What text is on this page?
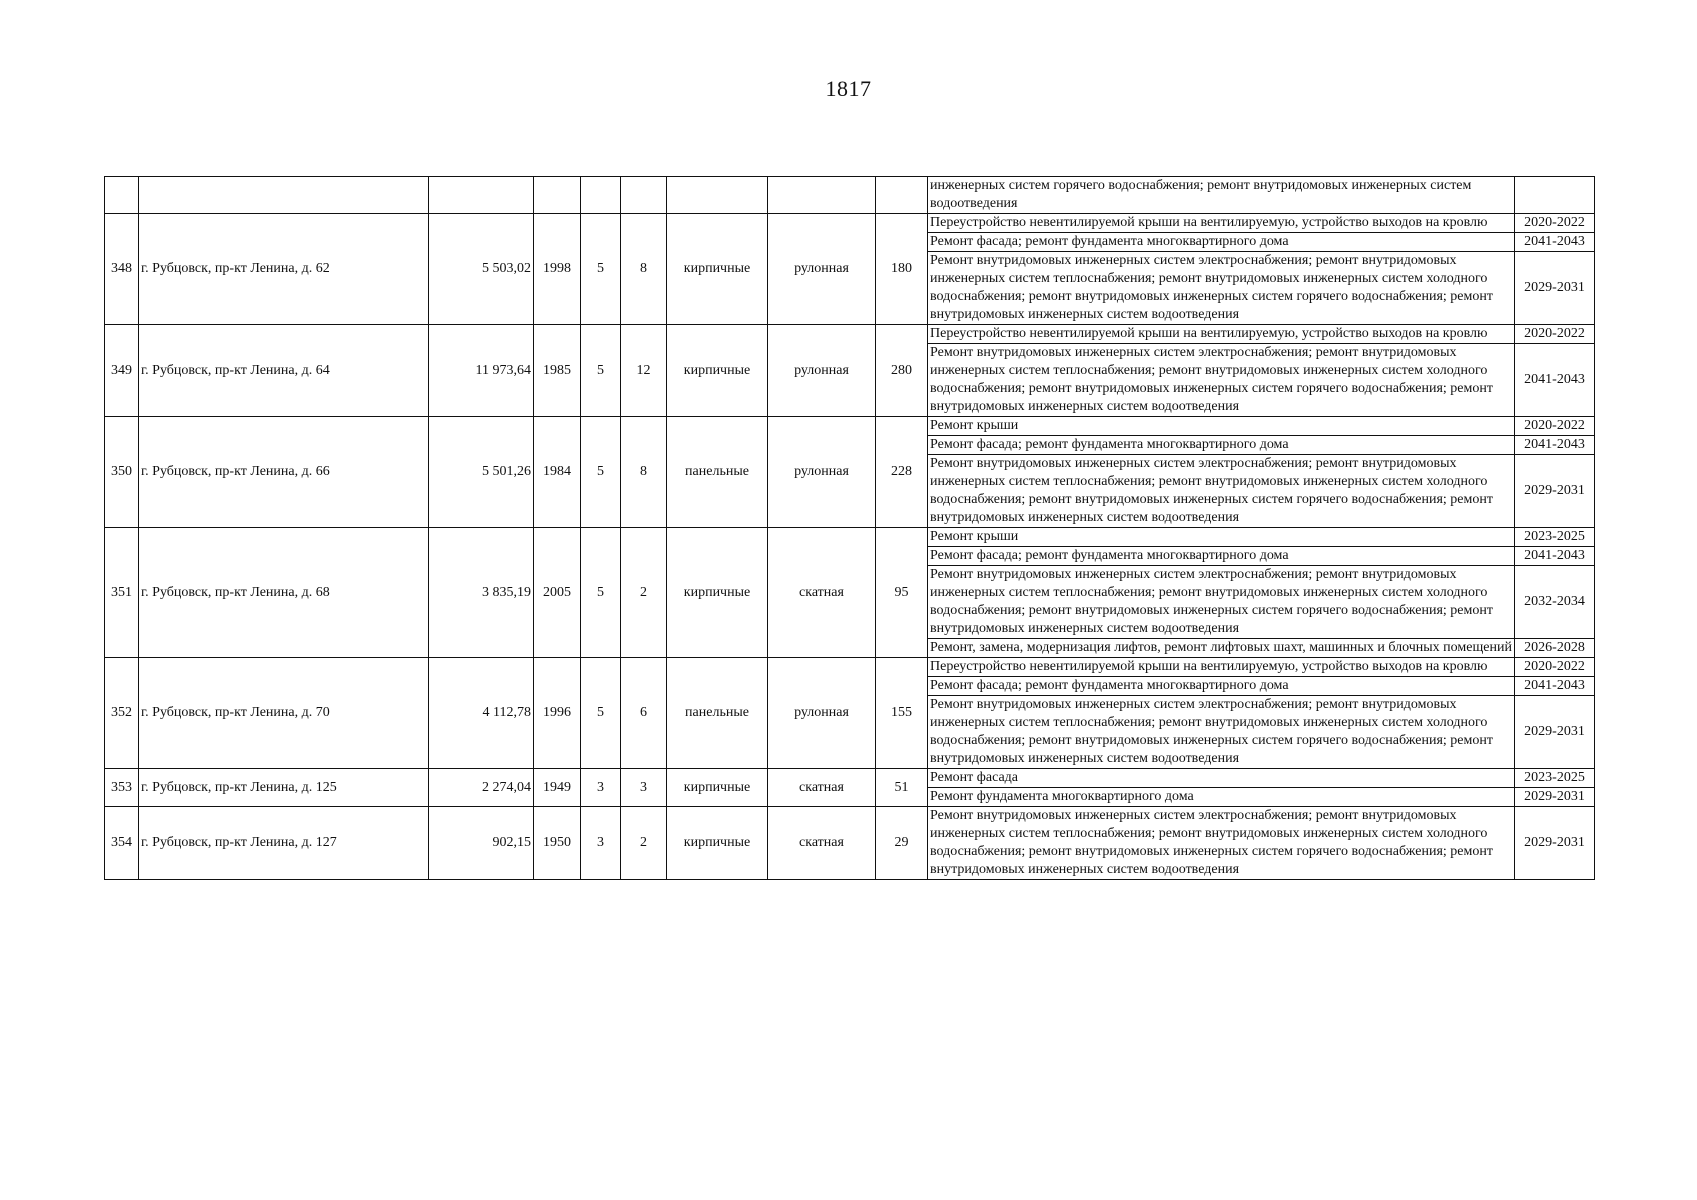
1817
									инженерных систем горячего водоснабжения; ремонт внутридомовых инженерных систем водоотведения	
348	г. Рубцовск, пр-кт Ленина, д. 62	5 503,02	1998	5	8	кирпичные	рулонная	180	Переустройство невентилируемой крыши на вентилируемую, устройство выходов на кровлю	2020-2022
									Ремонт фасада; ремонт фундамента многоквартирного дома	2041-2043
									Ремонт внутридомовых инженерных систем электроснабжения; ремонт внутридомовых инженерных систем теплоснабжения; ремонт внутридомовых инженерных систем холодного водоснабжения; ремонт внутридомовых инженерных систем горячего водоснабжения; ремонт внутридомовых инженерных систем водоотведения	2029-2031
349	г. Рубцовск, пр-кт Ленина, д. 64	11 973,64	1985	5	12	кирпичные	рулонная	280	Переустройство невентилируемой крыши на вентилируемую, устройство выходов на кровлю	2020-2022
									Ремонт внутридомовых инженерных систем электроснабжения; ремонт внутридомовых инженерных систем теплоснабжения; ремонт внутридомовых инженерных систем холодного водоснабжения; ремонт внутридомовых инженерных систем горячего водоснабжения; ремонт внутридомовых инженерных систем водоотведения	2041-2043
350	г. Рубцовск, пр-кт Ленина, д. 66	5 501,26	1984	5	8	панельные	рулонная	228	Ремонт крыши	2020-2022
									Ремонт фасада; ремонт фундамента многоквартирного дома	2041-2043
									Ремонт внутридомовых инженерных систем электроснабжения; ремонт внутридомовых инженерных систем теплоснабжения; ремонт внутридомовых инженерных систем холодного водоснабжения; ремонт внутридомовых инженерных систем горячего водоснабжения; ремонт внутридомовых инженерных систем водоотведения	2029-2031
351	г. Рубцовск, пр-кт Ленина, д. 68	3 835,19	2005	5	2	кирпичные	скатная	95	Ремонт крыши	2023-2025
									Ремонт фасада; ремонт фундамента многоквартирного дома	2041-2043
									Ремонт внутридомовых инженерных систем электроснабжения; ремонт внутридомовых инженерных систем теплоснабжения; ремонт внутридомовых инженерных систем холодного водоснабжения; ремонт внутридомовых инженерных систем горячего водоснабжения; ремонт внутридомовых инженерных систем водоотведения	2032-2034
									Ремонт, замена, модернизация лифтов, ремонт лифтовых шахт, машинных и блочных помещений	2026-2028
352	г. Рубцовск, пр-кт Ленина, д. 70	4 112,78	1996	5	6	панельные	рулонная	155	Переустройство невентилируемой крыши на вентилируемую, устройство выходов на кровлю	2020-2022
									Ремонт фасада; ремонт фундамента многоквартирного дома	2041-2043
									Ремонт внутридомовых инженерных систем электроснабжения; ремонт внутридомовых инженерных систем теплоснабжения; ремонт внутридомовых инженерных систем холодного водоснабжения; ремонт внутридомовых инженерных систем горячего водоснабжения; ремонт внутридомовых инженерных систем водоотведения	2029-2031
353	г. Рубцовск, пр-кт Ленина, д. 125	2 274,04	1949	3	3	кирпичные	скатная	51	Ремонт фасада	2023-2025
									Ремонт фундамента многоквартирного дома	2029-2031
354	г. Рубцовск, пр-кт Ленина, д. 127	902,15	1950	3	2	кирпичные	скатная	29	Ремонт внутридомовых инженерных систем электроснабжения; ремонт внутридомовых инженерных систем теплоснабжения; ремонт внутридомовых инженерных систем холодного водоснабжения; ремонт внутридомовых инженерных систем горячего водоснабжения; ремонт внутридомовых инженерных систем водоотведения	2029-2031
